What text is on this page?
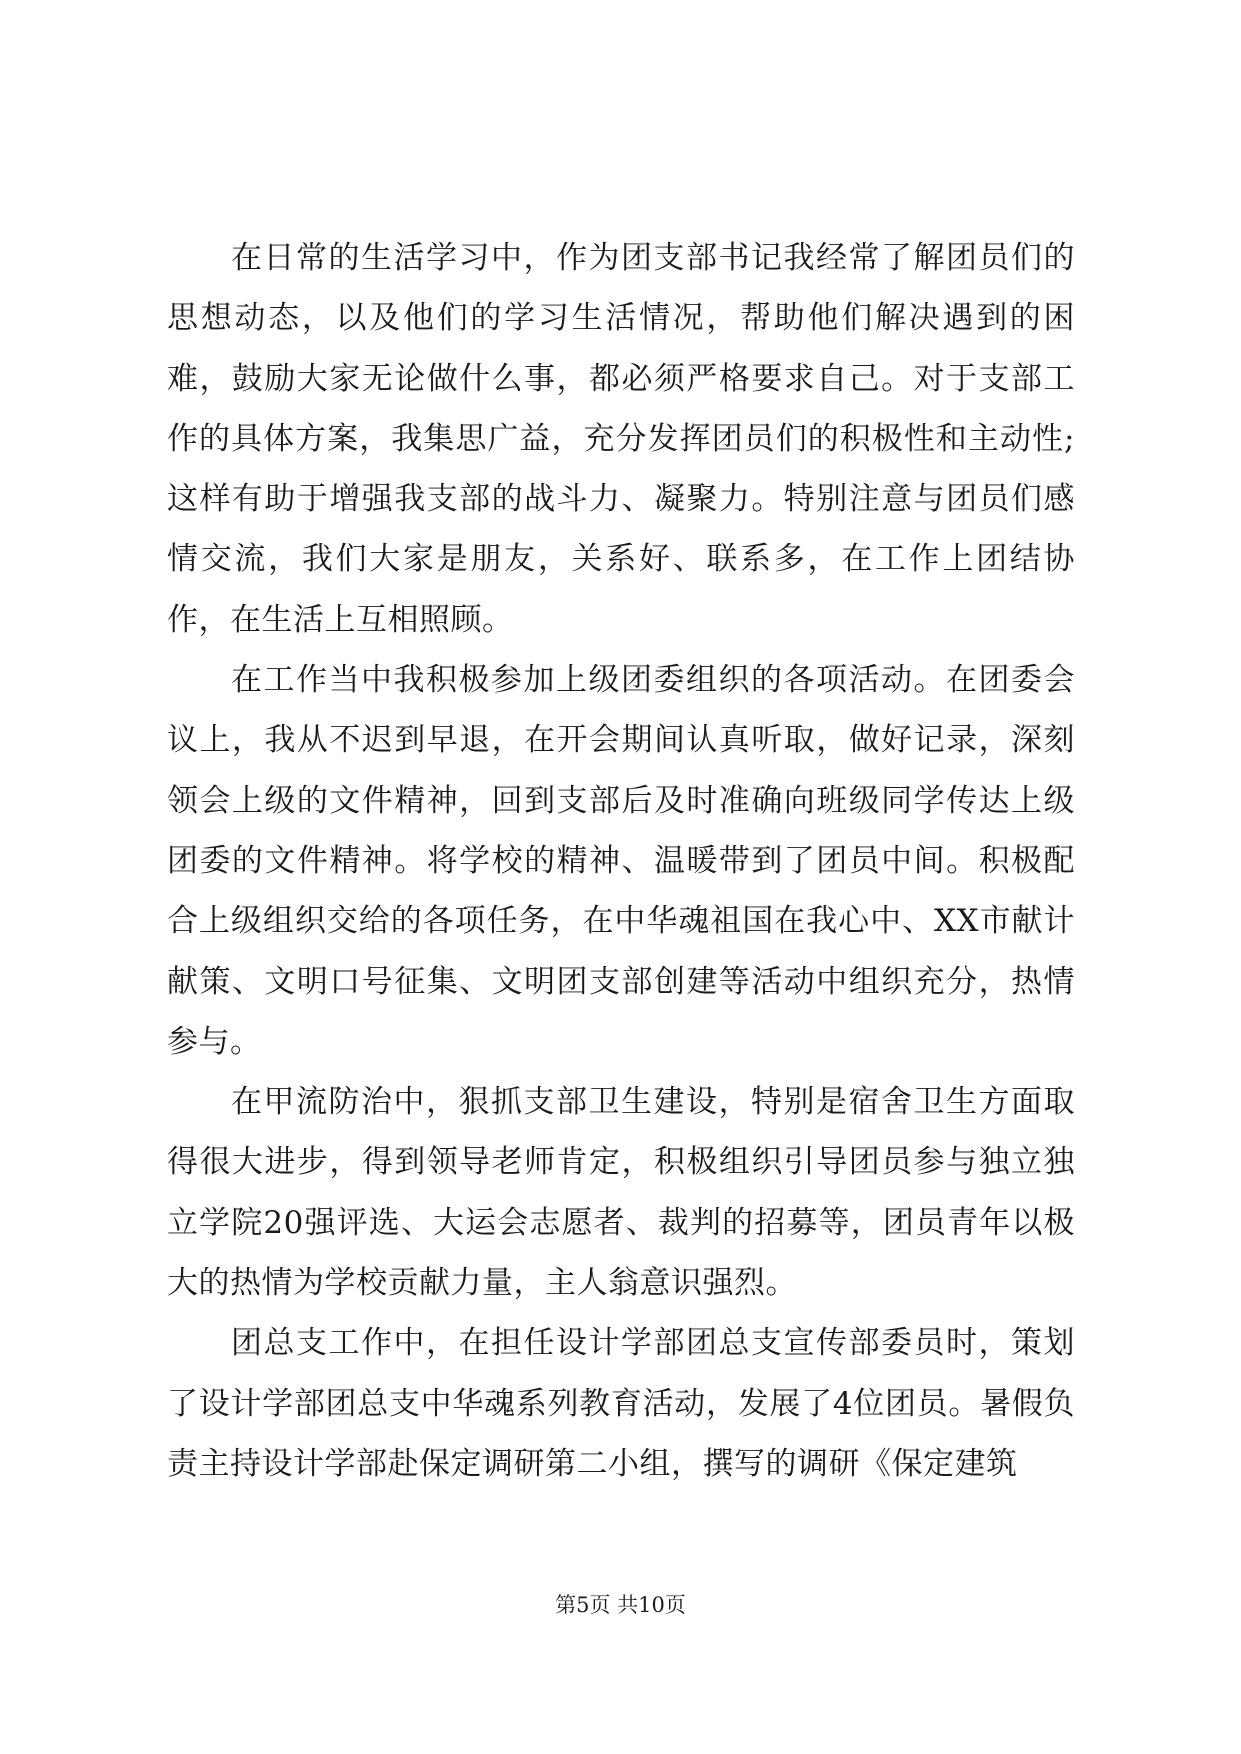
在日常的生活学习中，作为团支部书记我经常了解团员们的思想动态，以及他们的学习生活情况，帮助他们解决遇到的困难，鼓励大家无论做什么事，都必须严格要求自己。对于支部工作的具体方案，我集思广益，充分发挥团员们的积极性和主动性;这样有助于增强我支部的战斗力、凝聚力。特别注意与团员们感情交流，我们大家是朋友，关系好、联系多，在工作上团结协作，在生活上互相照顾。

在工作当中我积极参加上级团委组织的各项活动。在团委会议上，我从不迟到早退，在开会期间认真听取，做好记录，深刻领会上级的文件精神，回到支部后及时准确向班级同学传达上级团委的文件精神。将学校的精神、温暖带到了团员中间。积极配合上级组织交给的各项任务，在中华魂祖国在我心中、XX市献计献策、文明口号征集、文明团支部创建等活动中组织充分，热情参与。

在甲流防治中，狠抓支部卫生建设，特别是宿舍卫生方面取得很大进步，得到领导老师肯定，积极组织引导团员参与独立独立学院20强评选、大运会志愿者、裁判的招募等，团员青年以极大的热情为学校贡献力量，主人翁意识强烈。

团总支工作中，在担任设计学部团总支宣传部委员时，策划了设计学部团总支中华魂系列教育活动，发展了4位团员。暑假负责主持设计学部赴保定调研第二小组，撰写的调研《保定建筑

第5页 共10页
